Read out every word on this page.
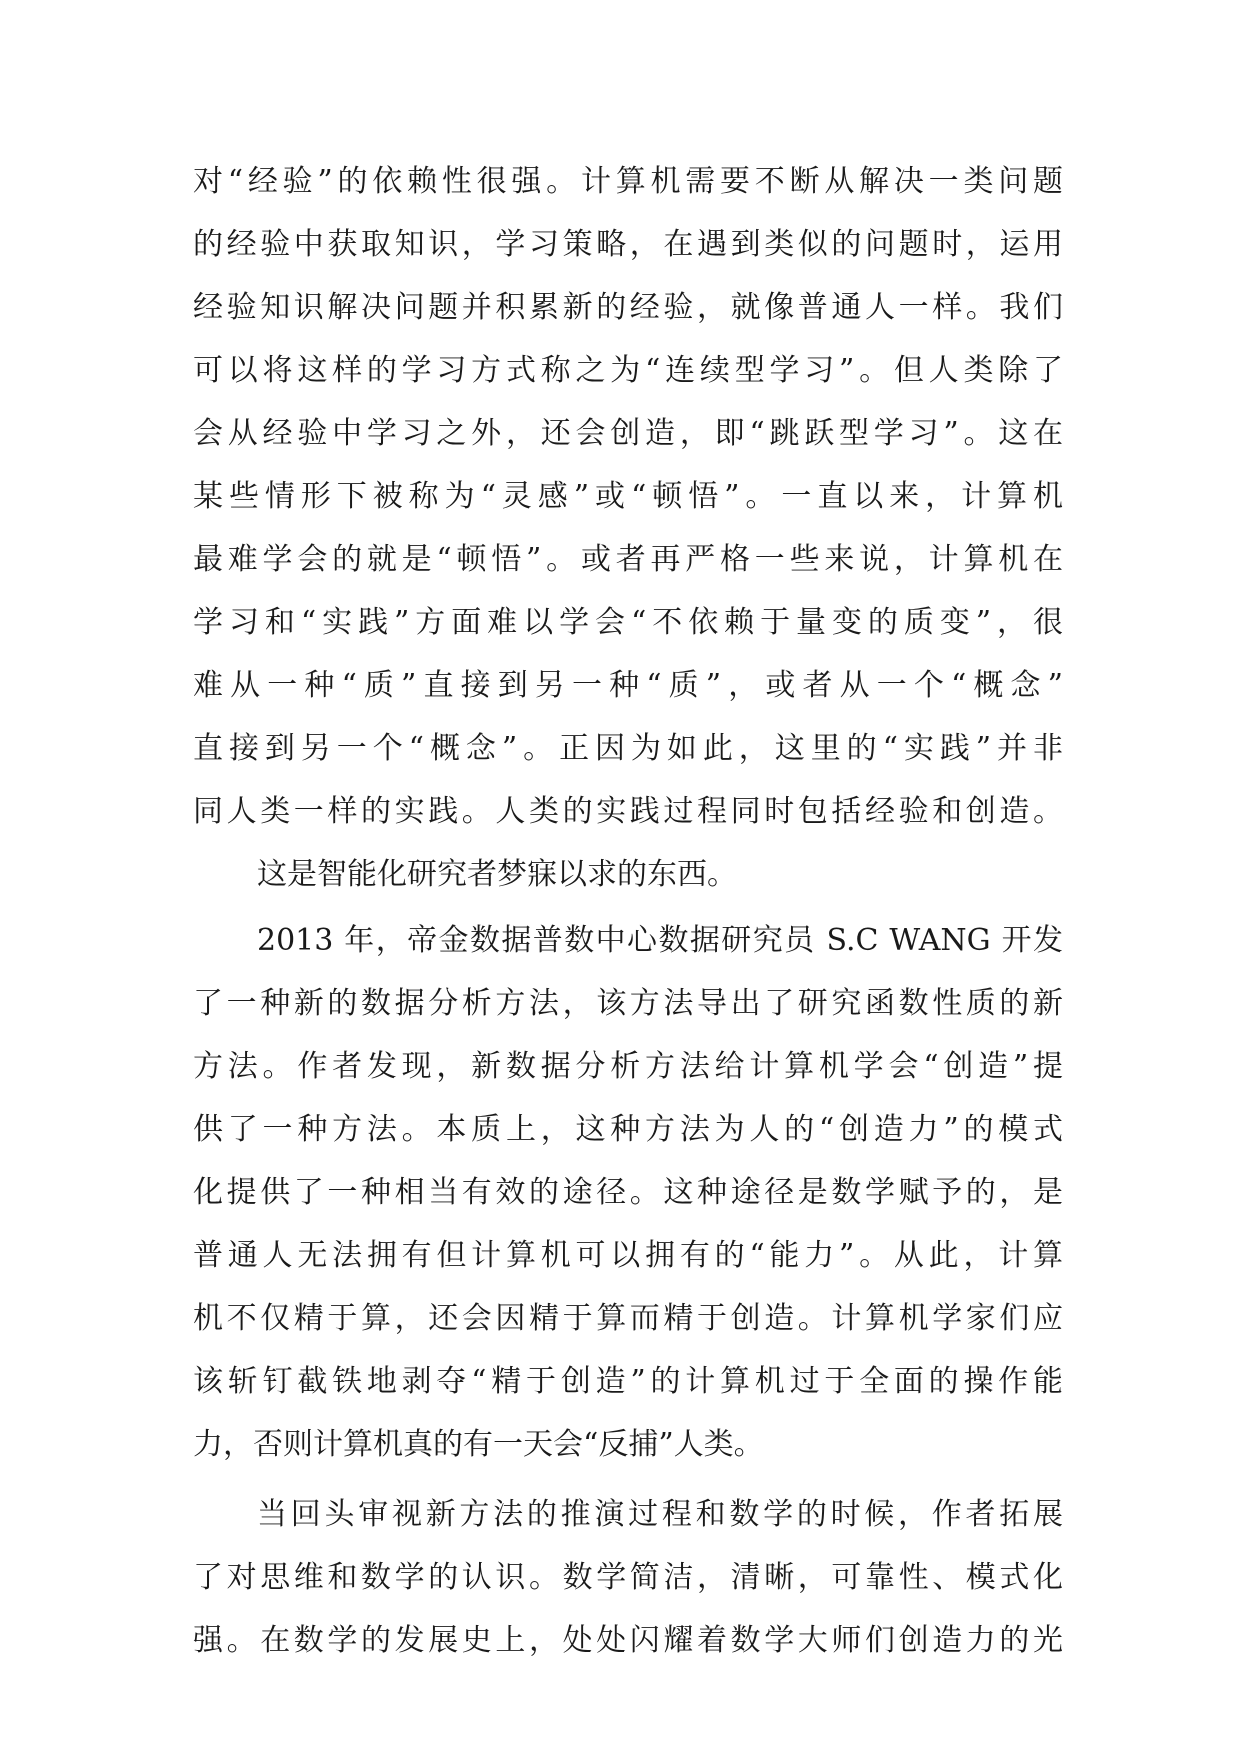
对“经验”的依赖性很强。计算机需要不断从解决一类问题
的经验中获取知识，学习策略，在遇到类似的问题时，运用
经验知识解决问题并积累新的经验，就像普通人一样。我们
可以将这样的学习方式称之为“连续型学习”。但人类除了
会从经验中学习之外，还会创造，即“跳跃型学习”。这在
某些情形下被称为“灵感”或“顿悟”。一直以来，计算机
最难学会的就是“顿悟”。或者再严格一些来说，计算机在
学习和“实践”方面难以学会“不依赖于量变的质变”，很
难从一种“质”直接到另一种“质”，或者从一个“概念”
直接到另一个“概念”。正因为如此，这里的“实践”并非
同人类一样的实践。人类的实践过程同时包括经验和创造。
这是智能化研究者梦寐以求的东西。
2013 年，帝金数据普数中心数据研究员 S.C WANG 开发
了一种新的数据分析方法，该方法导出了研究函数性质的新
方法。作者发现，新数据分析方法给计算机学会“创造”提
供了一种方法。本质上，这种方法为人的“创造力”的模式
化提供了一种相当有效的途径。这种途径是数学赋予的，是
普通人无法拥有但计算机可以拥有的“能力”。从此，计算
机不仅精于算，还会因精于算而精于创造。计算机学家们应
该斩钉截铁地剥夺“精于创造”的计算机过于全面的操作能
力，否则计算机真的有一天会“反捕”人类。
当回头审视新方法的推演过程和数学的时候，作者拓展
了对思维和数学的认识。数学简洁，清晰，可靠性、模式化
强。在数学的发展史上，处处闪耀着数学大师们创造力的光
